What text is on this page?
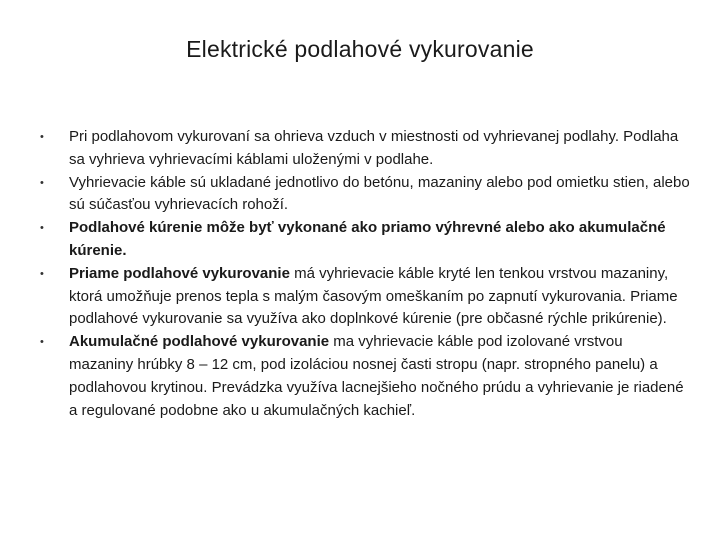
Elektrické podlahové vykurovanie
• Pri podlahovom vykurovaní sa ohrieva vzduch v miestnosti od vyhrievanej podlahy. Podlaha sa vyhrieva vyhrievacími káblami uloženými v podlahe.
• Vyhrievacie káble sú ukladané jednotlivo do betónu, mazaniny alebo pod omietku stien, alebo sú súčasťou vyhrievacích rohoží.
• Podlahové kúrenie môže byť vykonané ako priamo výhrevné alebo ako akumulačné kúrenie.
• Priame podlahové vykurovanie má vyhrievacie káble kryté len tenkou vrstvou mazaniny, ktorá umožňuje prenos tepla s malým časovým omeškaním po zapnutí vykurovania. Priame podlahové vykurovanie sa využíva ako doplnkové kúrenie (pre občasné rýchle prikúrenie).
• Akumulačné podlahové vykurovanie ma vyhrievacie káble pod izolované vrstvou mazaniny hrúbky 8 – 12 cm, pod izoláciou nosnej časti stropu (napr. stropného panelu) a podlahovou krytinou. Prevádzka využíva lacnejšieho nočného prúdu a vyhrievanie je riadené a regulované podobne ako u akumulačných kachieľ.
